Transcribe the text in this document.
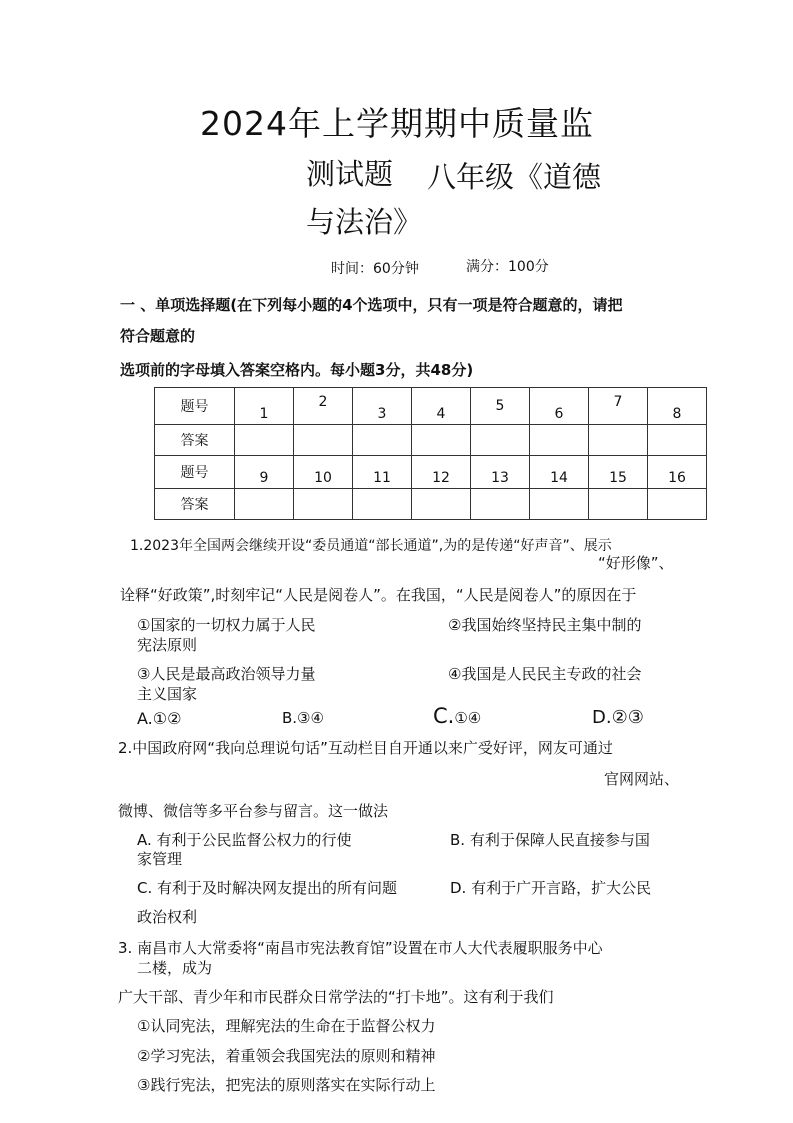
2024年上学期期中质量监
测试题 八年级《道德
与法治》
时间：60分钟	满分：100分
一 、单项选择题(在下列每小题的4个选项中，只有一项是符合题意的，请把
符合题意的
选项前的字母填入答案空格内。每小题3分，共48分)
题号	1	2	3	4	5	6	7	8
答案								
题号	9	10	11	12	13	14	15	16
答案								
1.2023年全国两会继续开设“委员通道“部长通道”,为的是传递“好声音”、展示
“好形像”、
诠释“好政策”,时刻牢记“人民是阅卷人”。在我国，“人民是阅卷人”的原因在于
①国家的一切权力属于人民	②我国始终坚持民主集中制的
宪法原则
③人民是最高政治领导力量	④我国是人民民主专政的社会
主义国家
A.①②	B.③④	C.①④	D.②③
2.中国政府网“我向总理说句话”互动栏目自开通以来广受好评，网友可通过
官网网站、
微博、微信等多平台参与留言。这一做法
A. 有利于公民监督公权力的行使	B. 有利于保障人民直接参与国
家管理
C. 有利于及时解决网友提出的所有问题	D. 有利于广开言路，扩大公民
政治权利
3. 南昌市人大常委将“南昌市宪法教育馆”设置在市人大代表履职服务中心
二楼，成为
广大干部、青少年和市民群众日常学法的“打卡地”。这有利于我们
①认同宪法，理解宪法的生命在于监督公权力
②学习宪法，着重领会我国宪法的原则和精神
③践行宪法，把宪法的原则落实在实际行动上
